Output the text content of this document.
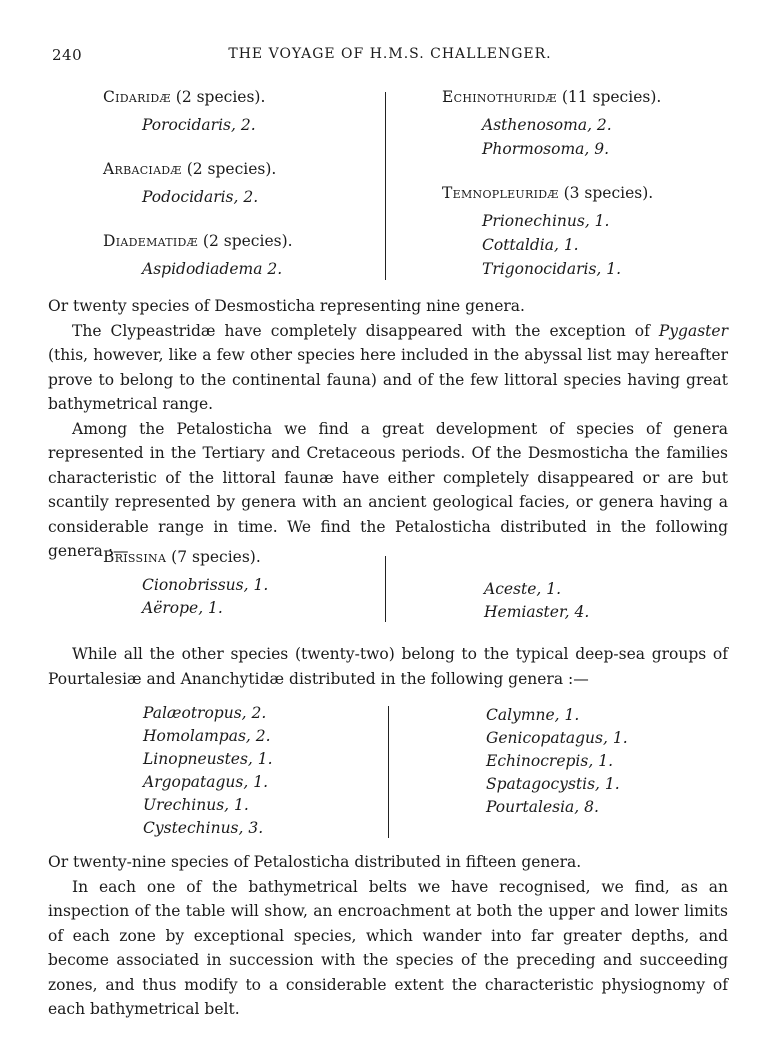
240	THE VOYAGE OF H.M.S. CHALLENGER.
Cidaridæ (2 species).
Porocidaris, 2.
Arbaciadæ (2 species).
Podocidaris, 2.
Diadematidæ (2 species).
Aspidodiadema 2.
Echinothuridæ (11 species).
Asthenosoma, 2.
Phormosoma, 9.
Temnopleuridæ (3 species).
Prionechinus, 1.
Cottaldia, 1.
Trigonocidaris, 1.

Or twenty species of Desmosticha representing nine genera.

The Clypeastridæ have completely disappeared with the exception of Pygaster (this, however, like a few other species here included in the abyssal list may hereafter prove to belong to the continental fauna) and of the few littoral species having great bathymetrical range.

Among the Petalosticha we find a great development of species of genera represented in the Tertiary and Cretaceous periods. Of the Desmosticha the families characteristic of the littoral faunæ have either completely disappeared or are but scantily represented by genera with an ancient geological facies, or genera having a considerable range in time. We find the Petalosticha distributed in the following genera :—

Brissina (7 species).
Cionobrissus, 1.
Aërope, 1.
Aceste, 1.
Hemiaster, 4.

While all the other species (twenty-two) belong to the typical deep-sea groups of Pourtalesiæ and Ananchytidæ distributed in the following genera :—

Palæotropus, 2.
Homolampas, 2.
Linopneustes, 1.
Argopatagus, 1.
Urechinus, 1.
Cystechinus, 3.
Calymne, 1.
Genicopatagus, 1.
Echinocrepis, 1.
Spatagocystis, 1.
Pourtalesia, 8.

Or twenty-nine species of Petalosticha distributed in fifteen genera.

In each one of the bathymetrical belts we have recognised, we find, as an inspection of the table will show, an encroachment at both the upper and lower limits of each zone by exceptional species, which wander into far greater depths, and become associated in succession with the species of the preceding and succeeding zones, and thus modify to a considerable extent the characteristic physiognomy of each bathymetrical belt.
